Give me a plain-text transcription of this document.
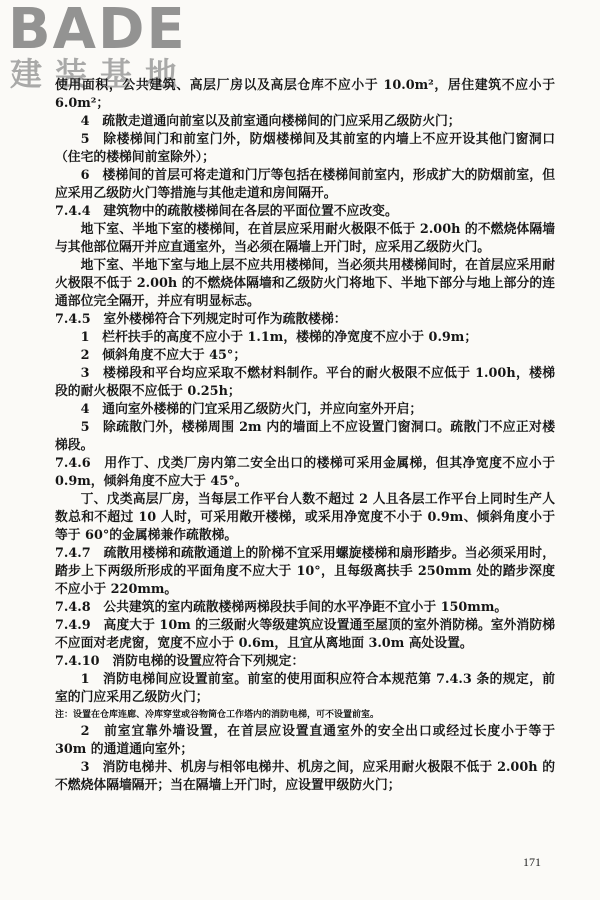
BADE
建装基地

使用面积，公共建筑、高层厂房以及高层仓库不应小于 10.0m²，居住建筑不应小于 6.0m²；

4　疏散走道通向前室以及前室通向楼梯间的门应采用乙级防火门；

5　除楼梯间门和前室门外，防烟楼梯间及其前室的内墙上不应开设其他门窗洞口（住宅的楼梯间前室除外）；

6　楼梯间的首层可将走道和门厅等包括在楼梯间前室内，形成扩大的防烟前室，但应采用乙级防火门等措施与其他走道和房间隔开。

7.4.4　建筑物中的疏散楼梯间在各层的平面位置不应改变。

地下室、半地下室的楼梯间，在首层应采用耐火极限不低于 2.00h 的不燃烧体隔墙与其他部位隔开并应直通室外，当必须在隔墙上开门时，应采用乙级防火门。

地下室、半地下室与地上层不应共用楼梯间，当必须共用楼梯间时，在首层应采用耐火极限不低于 2.00h 的不燃烧体隔墙和乙级防火门将地下、半地下部分与地上部分的连通部位完全隔开，并应有明显标志。

7.4.5　室外楼梯符合下列规定时可作为疏散楼梯：

1　栏杆扶手的高度不应小于 1.1m，楼梯的净宽度不应小于 0.9m；

2　倾斜角度不应大于 45°；

3　楼梯段和平台均应采取不燃材料制作。平台的耐火极限不应低于 1.00h，楼梯段的耐火极限不应低于 0.25h；

4　通向室外楼梯的门宜采用乙级防火门，并应向室外开启；

5　除疏散门外，楼梯周围 2m 内的墙面上不应设置门窗洞口。疏散门不应正对楼梯段。

7.4.6　用作丁、戊类厂房内第二安全出口的楼梯可采用金属梯，但其净宽度不应小于 0.9m，倾斜角度不应大于 45°。

丁、戊类高层厂房，当每层工作平台人数不超过 2 人且各层工作平台上同时生产人数总和不超过 10 人时，可采用敞开楼梯，或采用净宽度不小于 0.9m、倾斜角度小于等于 60°的金属梯兼作疏散梯。

7.4.7　疏散用楼梯和疏散通道上的阶梯不宜采用螺旋楼梯和扇形踏步。当必须采用时，踏步上下两级所形成的平面角度不应大于 10°，且每级离扶手 250mm 处的踏步深度不应小于 220mm。

7.4.8　公共建筑的室内疏散楼梯两梯段扶手间的水平净距不宜小于 150mm。

7.4.9　高度大于 10m 的三级耐火等级建筑应设置通至屋顶的室外消防梯。室外消防梯不应面对老虎窗，宽度不应小于 0.6m，且宜从离地面 3.0m 高处设置。

7.4.10　消防电梯的设置应符合下列规定：

1　消防电梯间应设置前室。前室的使用面积应符合本规范第 7.4.3 条的规定，前室的门应采用乙级防火门；

注：设置在仓库连廊、冷库穿堂或谷物筒仓工作塔内的消防电梯，可不设置前室。

2　前室宜靠外墙设置，在首层应设置直通室外的安全出口或经过长度小于等于 30m 的通道通向室外；

3　消防电梯井、机房与相邻电梯井、机房之间，应采用耐火极限不低于 2.00h 的不燃烧体隔墙隔开；当在隔墙上开门时，应设置甲级防火门；

171
